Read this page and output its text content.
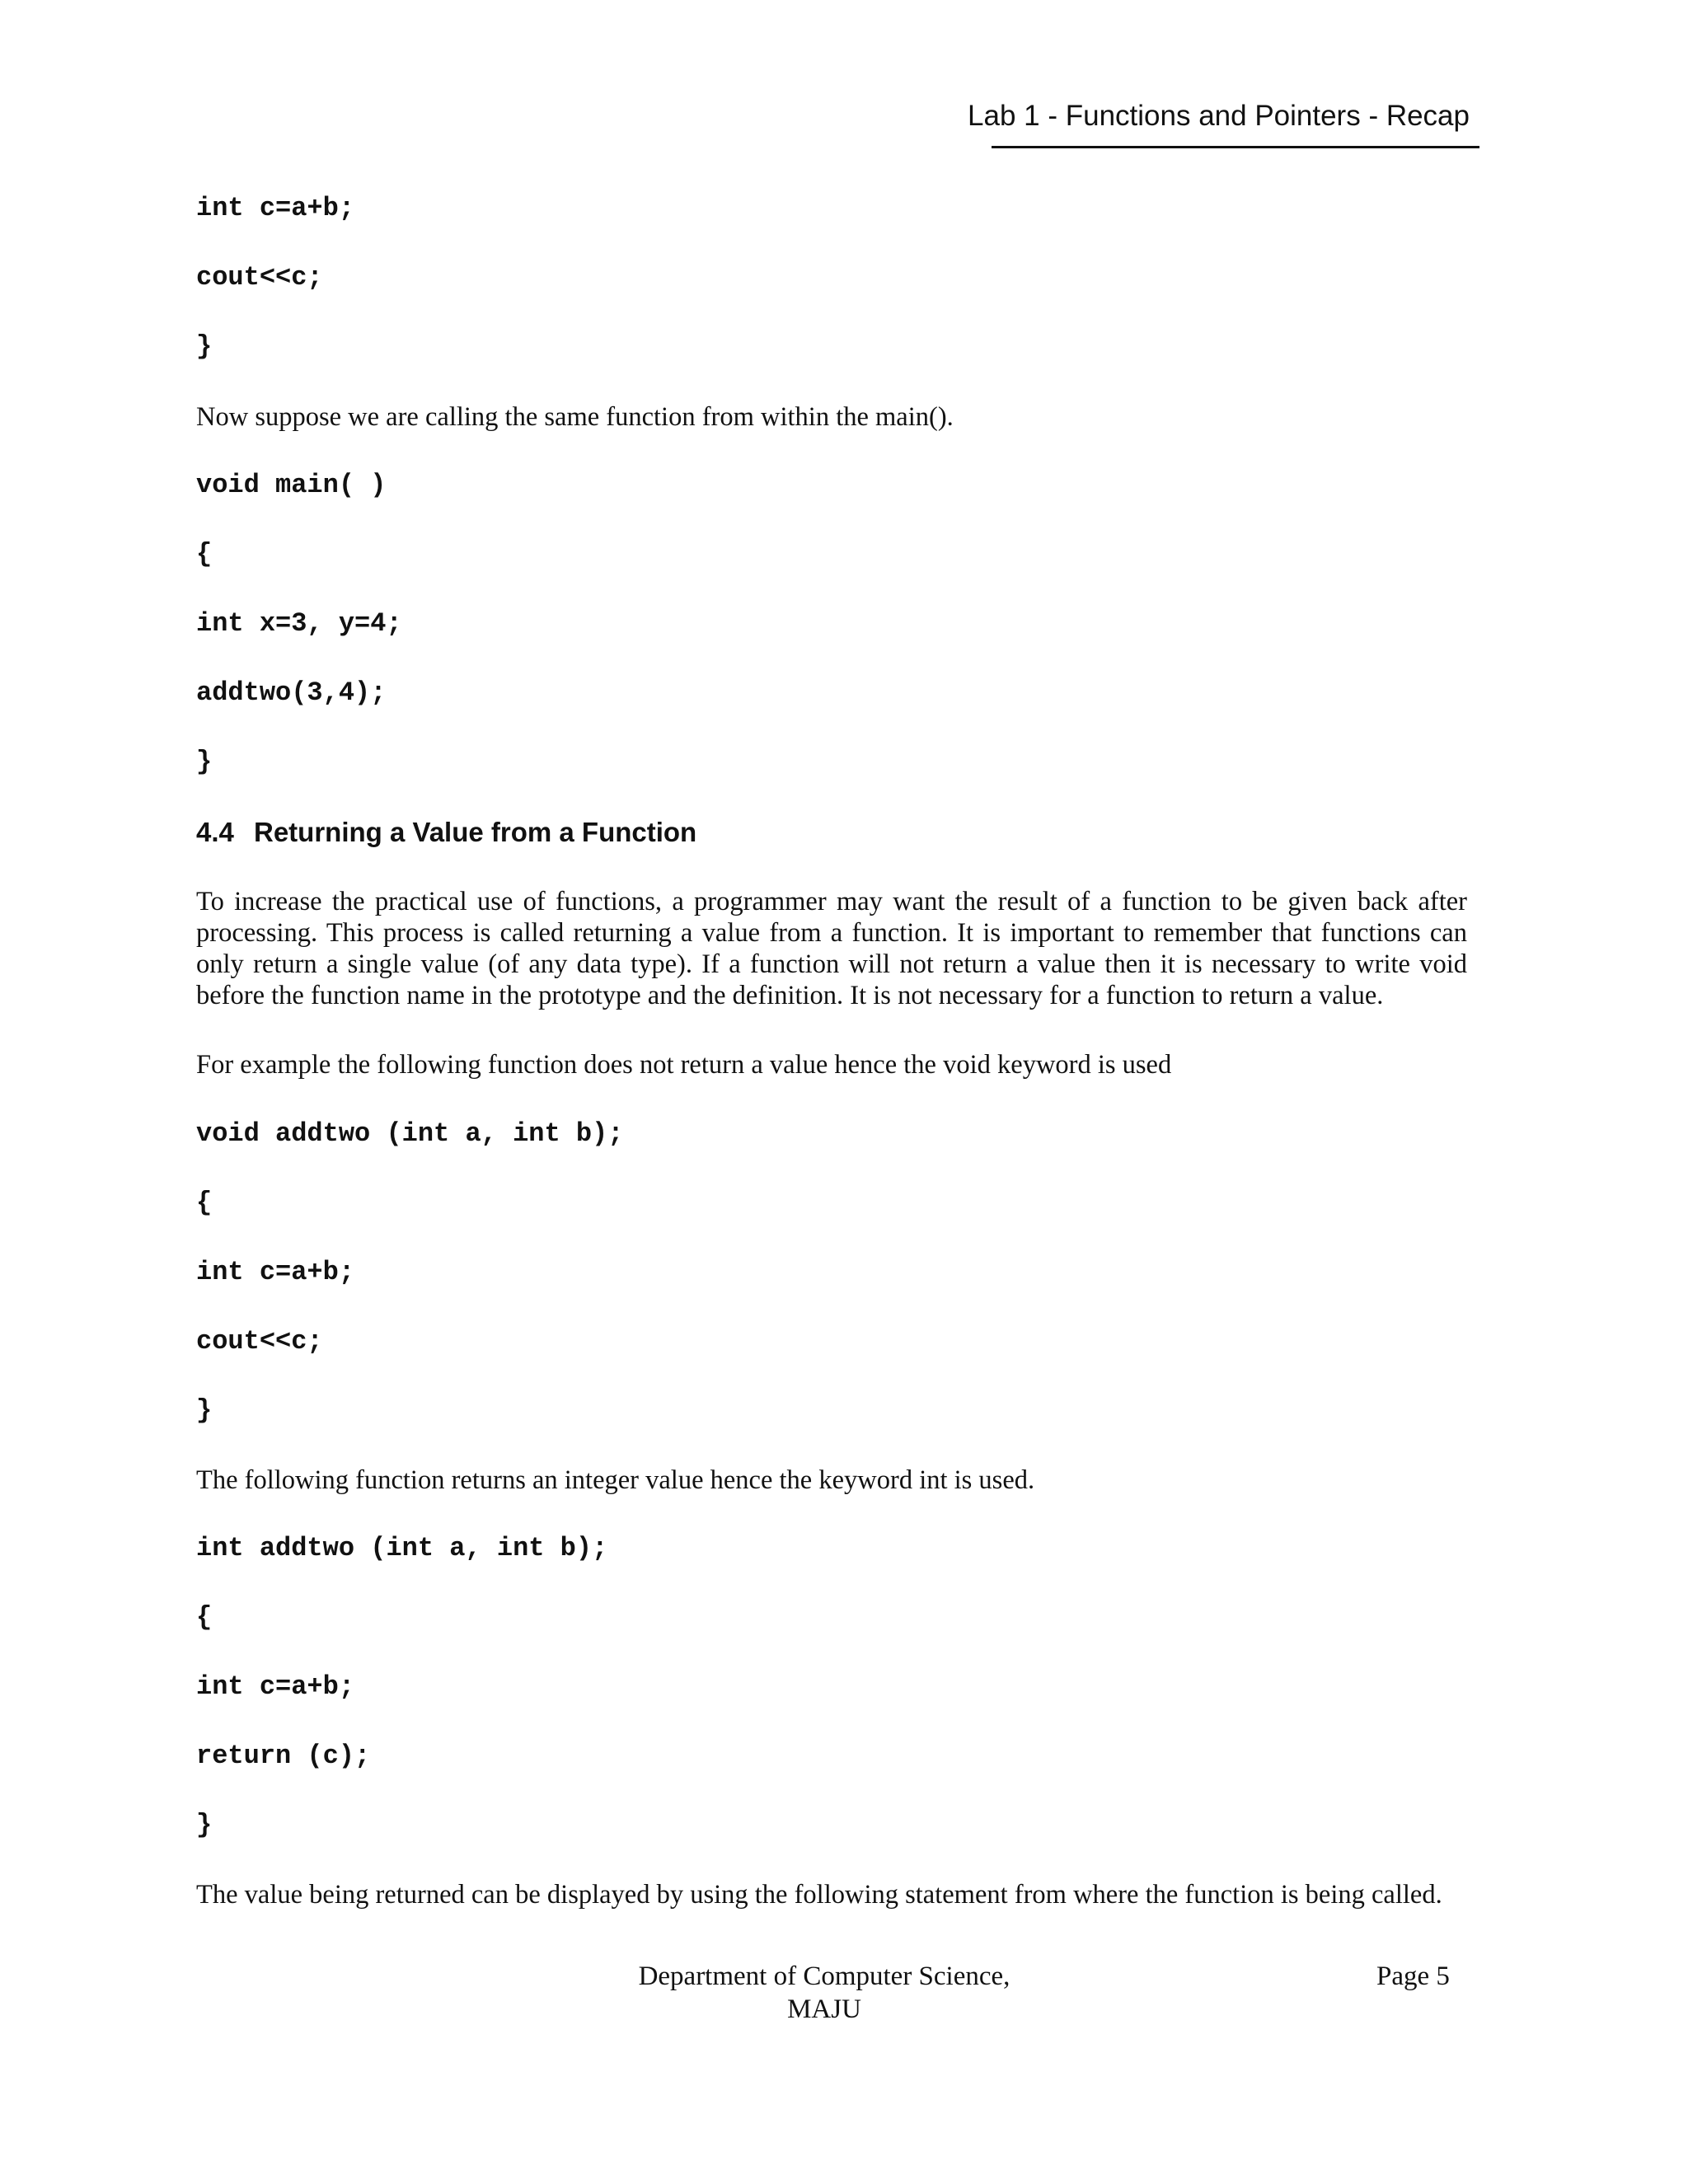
Lab 1 - Functions and Pointers - Recap
int c=a+b;
cout<<c;
}
Now suppose we are calling the same function from within the main().
void main( )
{
int x=3, y=4;
addtwo(3,4);
}
4.4 Returning a Value from a Function
To increase the practical use of functions, a programmer may want the result of a function to be given back after processing. This process is called returning a value from a function. It is important to remember that functions can only return a single value (of any data type). If a function will not return a value then it is necessary to write void before the function name in the prototype and the definition. It is not necessary for a function to return a value.
For example the following function does not return a value hence the void keyword is used
void addtwo (int a, int b);
{
int c=a+b;
cout<<c;
}
The following function returns an integer value hence the keyword int is used.
int addtwo (int a, int b);
{
int c=a+b;
return (c);
}
The value being returned can be displayed by using the following statement from where the function is being called.
Department of Computer Science,
MAJU
Page 5
